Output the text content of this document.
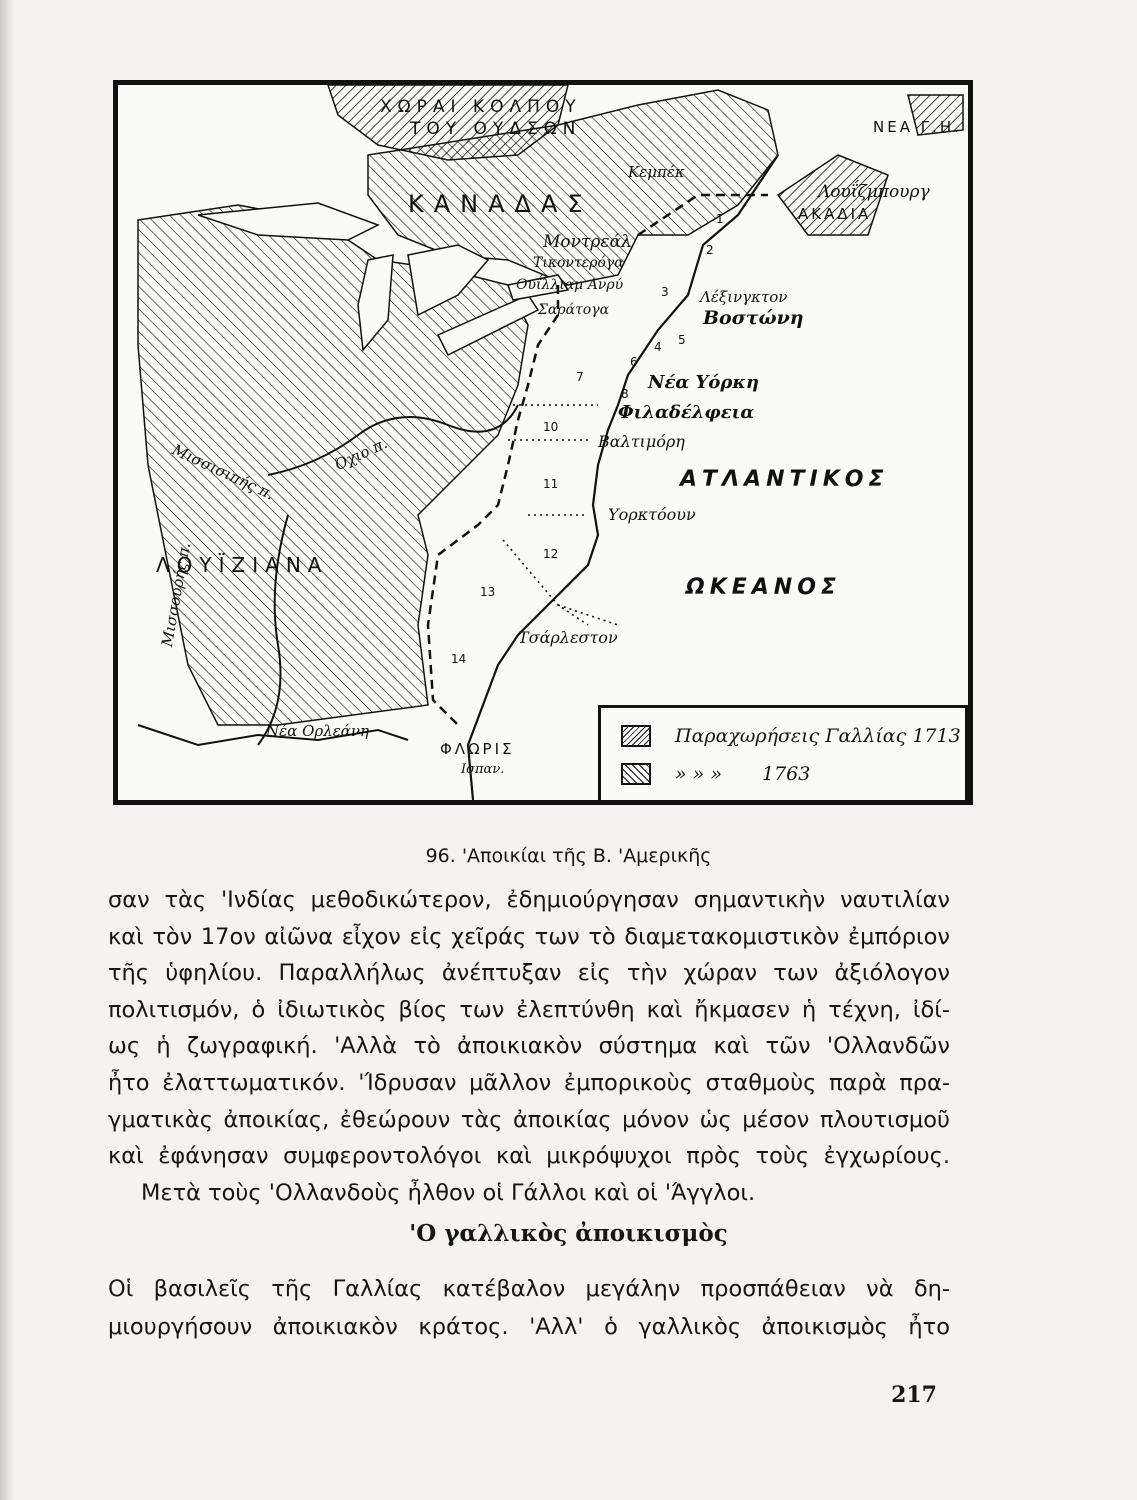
ΧΩΡΑΙ ΚΟΛΠΟΥ
ΤΟΥ ΟΥΔΣΩΝ
ΚΑΝΑΔΑΣ
ΛΟΥΪΖΙΑΝΑ
ΝΕΑ Γ.Η.
ΑΚΑΔΙΑ
Λουΐζμπουργ
Κεμπέκ
Μοντρεάλ
Τικοντερόγα
Ουΐλλιαμ Ανρύ
Σαράτογα
Λέξινγκτον
Βοστώνη
Νέα Υόρκη
Φιλαδέλφεια
Βαλτιμόρη
Υορκτόουν
Τσάρλεστον
Νέα Ορλεάνη
ΦΛΩΡΙΣ
Ισπαν.
Όχιο π.
Μισσισιπής π.
Μισσουρής π.
ΑΤΛΑΝΤΙΚΟΣ
ΩΚΕΑΝΟΣ
1
2
3
4 5
6
7
8
10
11
12
13
14
Παραχωρήσεις Γαλλίας 1713
» » » 1763
96. 'Αποικίαι τῆς Β. 'Αμερικῆς
σαν τὰς 'Ινδίας μεθοδικώτερον, ἐδημιούργησαν σημαντικὴν ναυτιλίαν
καὶ τὸν 17ον αἰῶνα εἶχον εἰς χεῖράς των τὸ διαμετακομιστικὸν ἐμπόριον
τῆς ὑφηλίου. Παραλλήλως ἀνέπτυξαν εἰς τὴν χώραν των ἀξιόλογον
πολιτισμόν, ὁ ἰδιωτικὸς βίος των ἐλεπτύνθη καὶ ἤκμασεν ἡ τέχνη, ἰδί-
ως ἡ ζωγραφική. 'Αλλὰ τὸ ἀποικιακὸν σύστημα καὶ τῶν 'Ολλανδῶν
ἦτο ἐλαττωματικόν. 'Ίδρυσαν μᾶλλον ἐμπορικοὺς σταθμοὺς παρὰ πρα-
γματικὰς ἀποικίας, ἐθεώρουν τὰς ἀποικίας μόνον ὡς μέσον πλουτισμοῦ
καὶ ἐφάνησαν συμφεροντολόγοι καὶ μικρόψυχοι πρὸς τοὺς ἐγχωρίους.
Μετὰ τοὺς 'Ολλανδοὺς ἦλθον οἱ Γάλλοι καὶ οἱ 'Άγγλοι.
'Ο γαλλικὸς ἀποικισμὸς
Οἱ βασιλεῖς τῆς Γαλλίας κατέβαλον μεγάλην προσπάθειαν νὰ δη-
μιουργήσουν ἀποικιακὸν κράτος. 'Αλλ' ὁ γαλλικὸς ἀποικισμὸς ἦτο
217
